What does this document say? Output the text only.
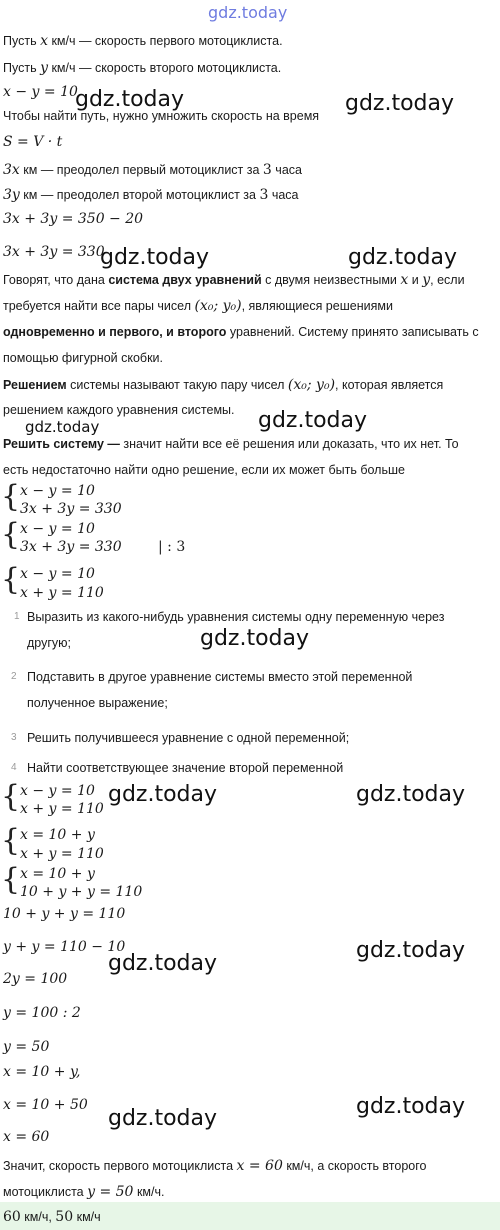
gdz.today
Пусть x км/ч — скорость первого мотоциклиста.
Пусть y км/ч — скорость второго мотоциклиста.
x − y = 10
gdz.today	gdz.today
Чтобы найти путь, нужно умножить скорость на время
S = V · t
3x км — преодолел первый мотоциклист за 3 часа
3y км — преодолел второй мотоциклист за 3 часа
3x + 3y = 350 − 20
3x + 3y = 330
gdz.today	gdz.today
Говорят, что дана система двух уравнений с двумя неизвестными x и y, если
требуется найти все пары чисел (x₀; y₀), являющиеся решениями
одновременно и первого, и второго уравнений. Систему принято записывать с
помощью фигурной скобки.
Решением системы называют такую пару чисел (x₀; y₀), которая является
решением каждого уравнения системы.
gdz.today	gdz.today
Решить систему — значит найти все её решения или доказать, что их нет. То
есть недостаточно найти одно решение, если их может быть больше
{ x − y = 10
3x + 3y = 330
{ x − y = 10
3x + 3y = 330	| : 3
{ x − y = 10
x + y = 110
1 Выразить из какого-нибудь уравнения системы одну переменную через
другую;	gdz.today
2 Подставить в другое уравнение системы вместо этой переменной
полученное выражение;
3 Решить получившееся уравнение с одной переменной;
4 Найти соответствующее значение второй переменной
{ x − y = 10
x + y = 110
gdz.today	gdz.today
{ x = 10 + y
x + y = 110
{ x = 10 + y
10 + y + y = 110
10 + y + y = 110
y + y = 110 − 10
gdz.today
gdz.today
2y = 100
y = 100 : 2
y = 50
x = 10 + y,
x = 10 + 50
gdz.today	gdz.today
x = 60
Значит, скорость первого мотоциклиста x = 60 км/ч, а скорость второго
мотоциклиста y = 50 км/ч.
60 км/ч, 50 км/ч
